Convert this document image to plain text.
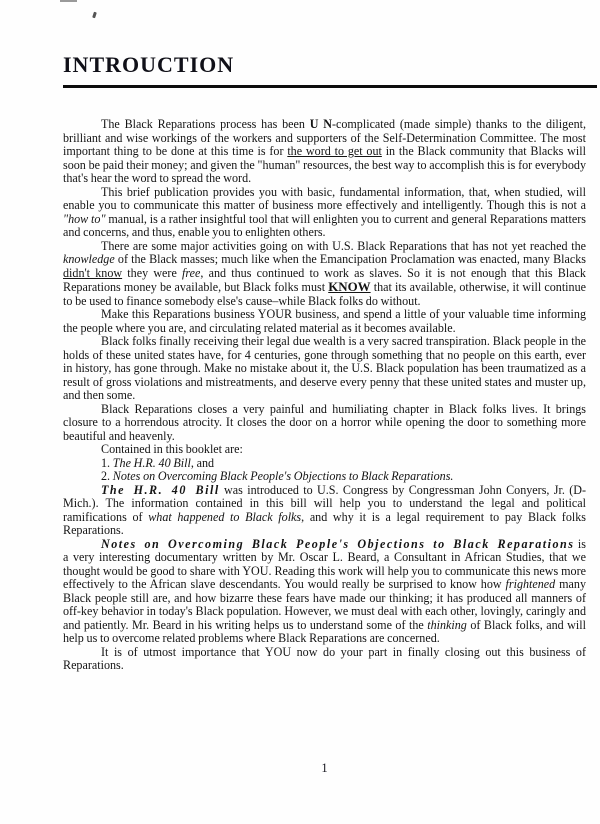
INTROUCTION

The Black Reparations process has been U N-complicated (made simple) thanks to the diligent, brilliant and wise workings of the workers and supporters of the Self-Determination Committee. The most important thing to be done at this time is for the word to get out in the Black community that Blacks will soon be paid their money; and given the "human" resources, the best way to accomplish this is for everybody that's hear the word to spread the word.

This brief publication provides you with basic, fundamental information, that, when studied, will enable you to communicate this matter of business more effectively and intelligently. Though this is not a "how to" manual, is a rather insightful tool that will enlighten you to current and general Reparations matters and concerns, and thus, enable you to enlighten others.

There are some major activities going on with U.S. Black Reparations that has not yet reached the knowledge of the Black masses; much like when the Emancipation Proclamation was enacted, many Blacks didn't know they were free, and thus continued to work as slaves. So it is not enough that this Black Reparations money be available, but Black folks must KNOW that its available, otherwise, it will continue to be used to finance somebody else's cause–while Black folks do without.

Make this Reparations business YOUR business, and spend a little of your valuable time informing the people where you are, and circulating related material as it becomes available.

Black folks finally receiving their legal due wealth is a very sacred transpiration. Black people in the holds of these united states have, for 4 centuries, gone through something that no people on this earth, ever in history, has gone through. Make no mistake about it, the U.S. Black population has been traumatized as a result of gross violations and mistreatments, and deserve every penny that these united states and muster up, and then some.

Black Reparations closes a very painful and humiliating chapter in Black folks lives. It brings closure to a horrendous atrocity. It closes the door on a horror while opening the door to something more beautiful and heavenly.

Contained in this booklet are:

1. The H.R. 40 Bill, and

2. Notes on Overcoming Black People's Objections to Black Reparations.

The H.R. 40 Bill was introduced to U.S. Congress by Congressman John Conyers, Jr. (D-Mich.). The information contained in this bill will help you to understand the legal and political ramifications of what happened to Black folks, and why it is a legal requirement to pay Black folks Reparations.

Notes on Overcoming Black People's Objections to Black Reparations is a very interesting documentary written by Mr. Oscar L. Beard, a Consultant in African Studies, that we thought would be good to share with YOU. Reading this work will help you to communicate this news more effectively to the African slave descendants. You would really be surprised to know how frightened many Black people still are, and how bizarre these fears have made our thinking; it has produced all manners of off-key behavior in today's Black population. However, we must deal with each other, lovingly, caringly and and patiently. Mr. Beard in his writing helps us to understand some of the thinking of Black folks, and will help us to overcome related problems where Black Reparations are concerned.

It is of utmost importance that YOU now do your part in finally closing out this business of Reparations.

1
